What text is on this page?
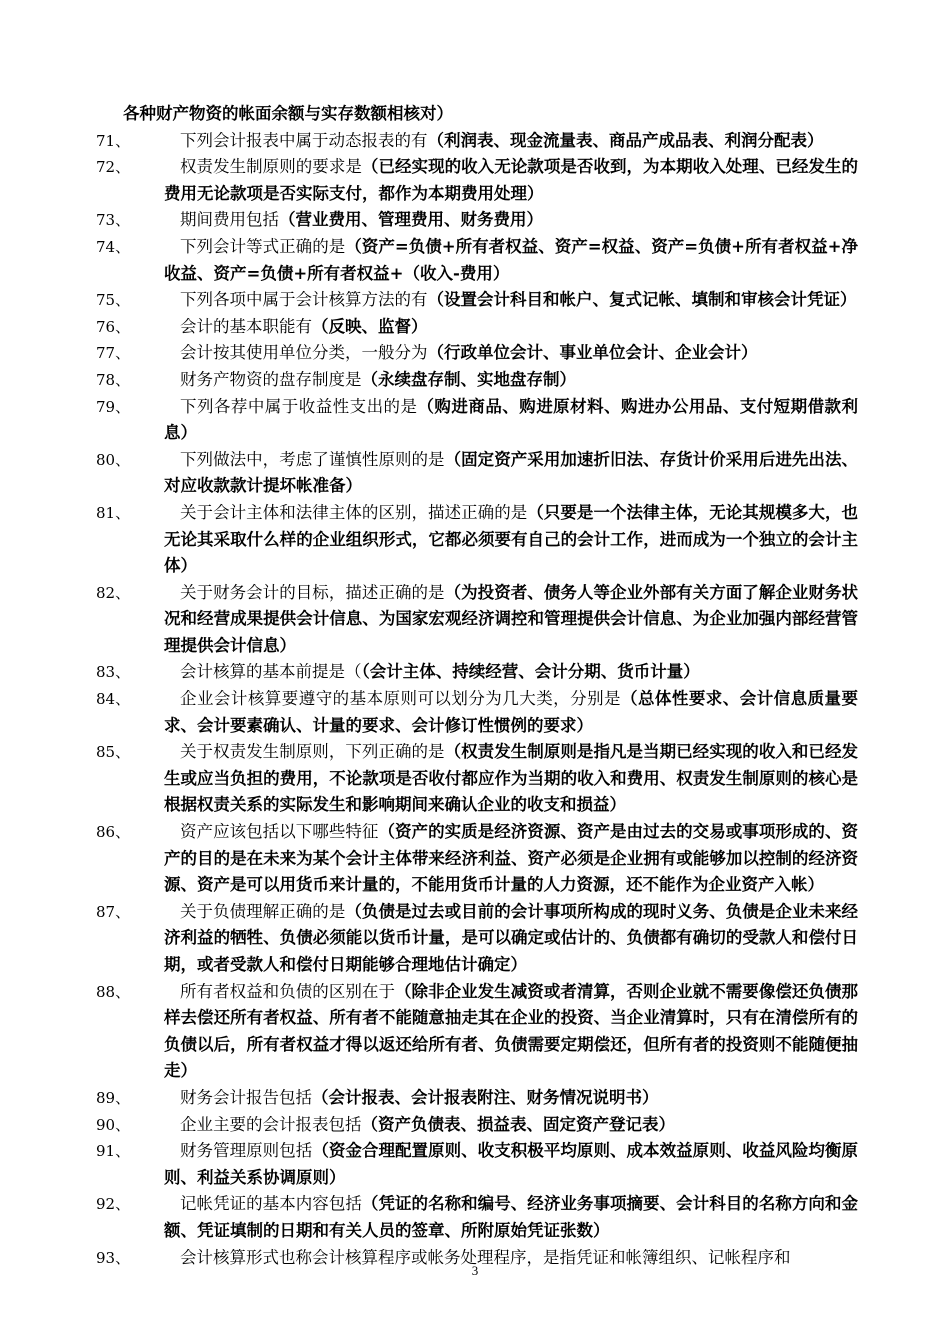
各种财产物资的帐面余额与实存数额相核对）
71、	下列会计报表中属于动态报表的有（利润表、现金流量表、商品产成品表、利润分配表）
72、	权责发生制原则的要求是（已经实现的收入无论款项是否收到，为本期收入处理、已经发生的费用无论款项是否实际支付，都作为本期费用处理）
73、	期间费用包括（营业费用、管理费用、财务费用）
74、	下列会计等式正确的是（资产=负债+所有者权益、资产=权益、资产=负债+所有者权益+净收益、资产=负债+所有者权益+（收入-费用）
75、	下列各项中属于会计核算方法的有（设置会计科目和帐户、复式记帐、填制和审核会计凭证）
76、	会计的基本职能有（反映、监督）
77、	会计按其使用单位分类，一般分为（行政单位会计、事业单位会计、企业会计）
78、	财务产物资的盘存制度是（永续盘存制、实地盘存制）
79、	下列各荐中属于收益性支出的是（购进商品、购进原材料、购进办公用品、支付短期借款利息）
80、	下列做法中，考虑了谨慎性原则的是（固定资产采用加速折旧法、存货计价采用后进先出法、对应收款款计提坏帐准备）
81、	关于会计主体和法律主体的区别，描述正确的是（只要是一个法律主体，无论其规模多大，也无论其采取什么样的企业组织形式，它都必须要有自己的会计工作，进而成为一个独立的会计主体）
82、	关于财务会计的目标，描述正确的是（为投资者、债务人等企业外部有关方面了解企业财务状况和经营成果提供会计信息、为国家宏观经济调控和管理提供会计信息、为企业加强内部经营管理提供会计信息）
83、	会计核算的基本前提是（（会计主体、持续经营、会计分期、货币计量）
84、	企业会计核算要遵守的基本原则可以划分为几大类，分别是（总体性要求、会计信息质量要求、会计要素确认、计量的要求、会计修订性惯例的要求）
85、	关于权责发生制原则，下列正确的是（权责发生制原则是指凡是当期已经实现的收入和已经发生或应当负担的费用，不论款项是否收付都应作为当期的收入和费用、权责发生制原则的核心是根据权责关系的实际发生和影响期间来确认企业的收支和损益）
86、	资产应该包括以下哪些特征（资产的实质是经济资源、资产是由过去的交易或事项形成的、资产的目的是在未来为某个会计主体带来经济利益、资产必须是企业拥有或能够加以控制的经济资源、资产是可以用货币来计量的，不能用货币计量的人力资源，还不能作为企业资产入帐）
87、	关于负债理解正确的是（负债是过去或目前的会计事项所构成的现时义务、负债是企业未来经济利益的牺牲、负债必须能以货币计量，是可以确定或估计的、负债都有确切的受款人和偿付日期，或者受款人和偿付日期能够合理地估计确定）
88、	所有者权益和负债的区别在于（除非企业发生减资或者清算，否则企业就不需要像偿还负债那样去偿还所有者权益、所有者不能随意抽走其在企业的投资、当企业清算时，只有在清偿所有的负债以后，所有者权益才得以返还给所有者、负债需要定期偿还，但所有者的投资则不能随便抽走）
89、	财务会计报告包括（会计报表、会计报表附注、财务情况说明书）
90、	企业主要的会计报表包括（资产负债表、损益表、固定资产登记表）
91、	财务管理原则包括（资金合理配置原则、收支积极平均原则、成本效益原则、收益风险均衡原则、利益关系协调原则）
92、	记帐凭证的基本内容包括（凭证的名称和编号、经济业务事项摘要、会计科目的名称方向和金额、凭证填制的日期和有关人员的签章、所附原始凭证张数）
93、	会计核算形式也称会计核算程序或帐务处理程序，是指凭证和帐簿组织、记帐程序和
3
